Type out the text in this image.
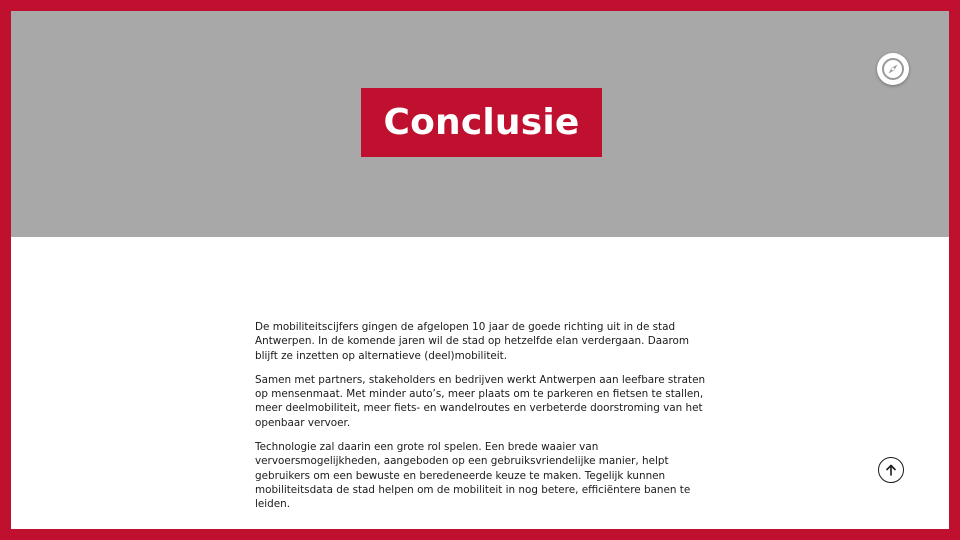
Conclusie

De mobiliteitscijfers gingen de afgelopen 10 jaar de goede richting uit in de stad Antwerpen. In de komende jaren wil de stad op hetzelfde elan verdergaan. Daarom blijft ze inzetten op alternatieve (deel)mobiliteit.

Samen met partners, stakeholders en bedrijven werkt Antwerpen aan leefbare straten op mensenmaat. Met minder auto’s, meer plaats om te parkeren en fietsen te stallen, meer deelmobiliteit, meer fiets- en wandelroutes en verbeterde doorstroming van het openbaar vervoer.

Technologie zal daarin een grote rol spelen. Een brede waaier van vervoersmogelijkheden, aangeboden op een gebruiksvriendelijke manier, helpt gebruikers om een bewuste en beredeneerde keuze te maken. Tegelijk kunnen mobiliteitsdata de stad helpen om de mobiliteit in nog betere, efficiëntere banen te leiden.
